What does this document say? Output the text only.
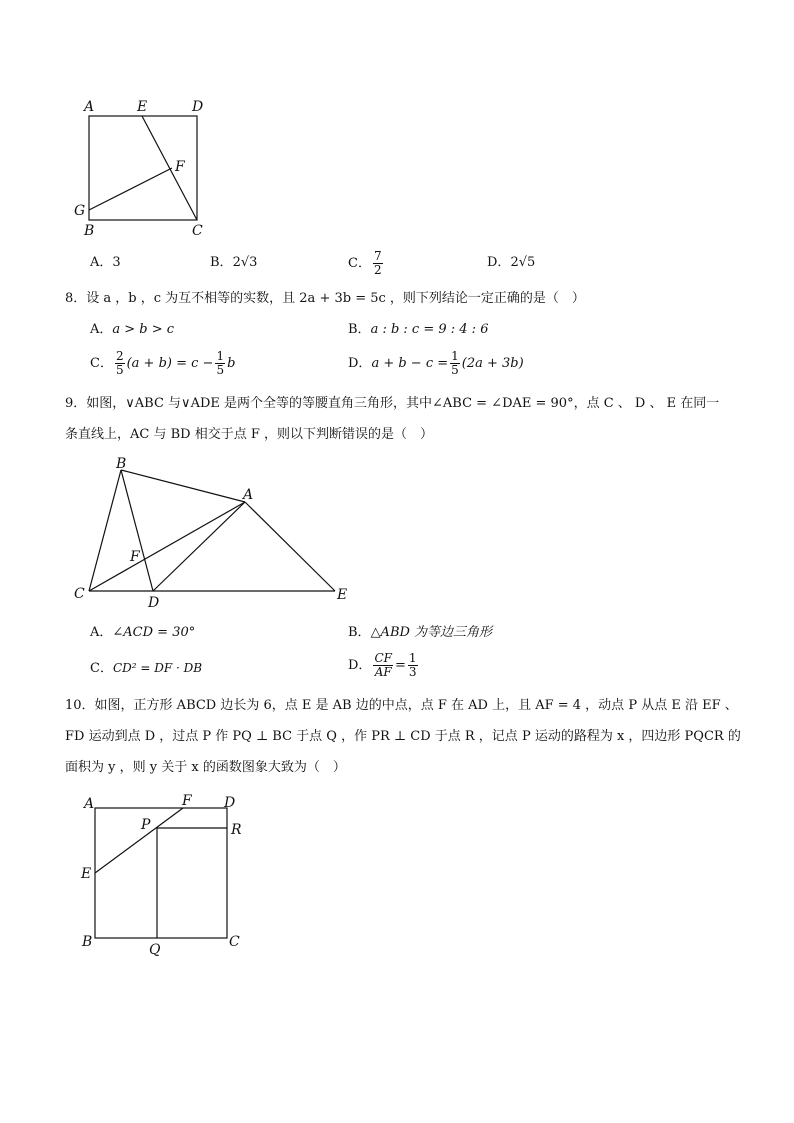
A	E	D
F
G
B	C
A．3	B．2√3	C． $\frac{7}{2}$	D．2√5
8．设 a ，b ，c 为互不相等的实数，且 2a + 3b = 5c ，则下列结论一定正确的是（　）
A．a > b > c	B．a : b : c = 9 : 4 : 6
C． $\frac{2}{5} (a + b) = c - \frac{1}{5}$ b	D． $a + b - c = \frac{1}{5} (2a + 3b)$
9．如图，∨ABC 与∨ADE 是两个全等的等腰直角三角形，其中∠ABC = ∠DAE = 90°，点 C 、 D 、 E 在同一
条直线上，AC 与 BD 相交于点 F ，则以下判断错误的是（　）
B
A
F
C
D	E
A．∠ACD = 30°	B．△ABD 为等边三角形
C．CD² = DF · DB	D． $\frac{CF}{AF} = \frac{1}{3}$
10．如图，正方形 ABCD 边长为 6，点 E 是 AB 边的中点，点 F 在 AD 上，且 AF = 4 ，动点 P 从点 E 沿 EF 、
FD 运动到点 D ，过点 P 作 PQ ⊥ BC 于点 Q ，作 PR ⊥ CD 于点 R ，记点 P 运动的路程为 x ，四边形 PQCR 的
面积为 y ，则 y 关于 x 的函数图象大致为（　）
A	F D
P	R
E
B	Q	C
